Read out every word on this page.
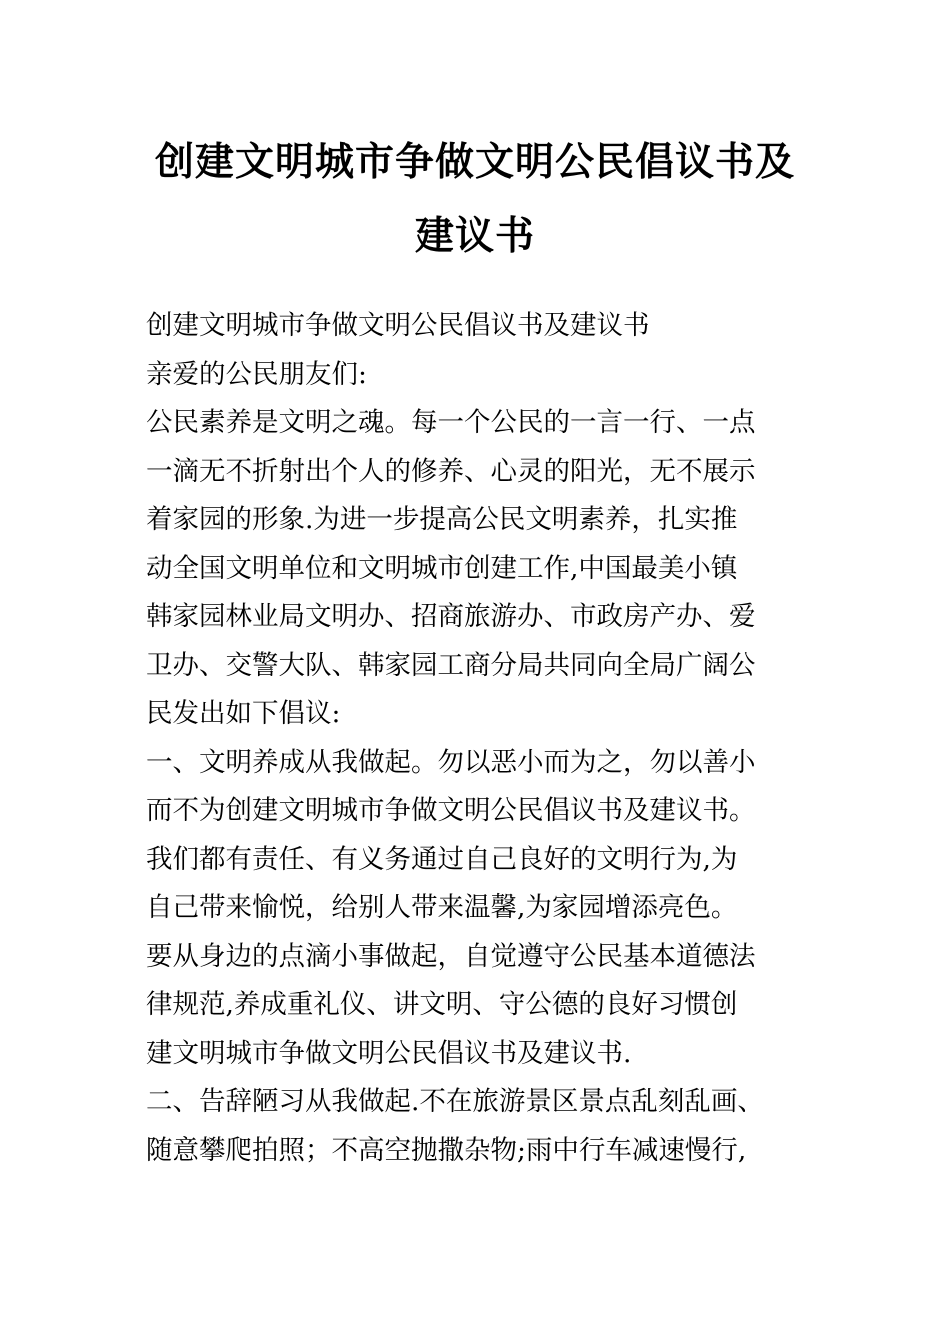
创建文明城市争做文明公民倡议书及
建议书
创建文明城市争做文明公民倡议书及建议书
亲爱的公民朋友们:
公民素养是文明之魂。每一个公民的一言一行、一点
一滴无不折射出个人的修养、心灵的阳光，无不展示
着家园的形象.为进一步提高公民文明素养，扎实推
动全国文明单位和文明城市创建工作,中国最美小镇
韩家园林业局文明办、招商旅游办、市政房产办、爱
卫办、交警大队、韩家园工商分局共同向全局广阔公
民发出如下倡议:
一、文明养成从我做起。勿以恶小而为之，勿以善小
而不为创建文明城市争做文明公民倡议书及建议书。
我们都有责任、有义务通过自己良好的文明行为,为
自己带来愉悦，给别人带来温馨,为家园增添亮色。
要从身边的点滴小事做起，自觉遵守公民基本道德法
律规范,养成重礼仪、讲文明、守公德的良好习惯创
建文明城市争做文明公民倡议书及建议书.
二、告辞陋习从我做起.不在旅游景区景点乱刻乱画、
随意攀爬拍照；不高空抛撒杂物;雨中行车减速慢行,
